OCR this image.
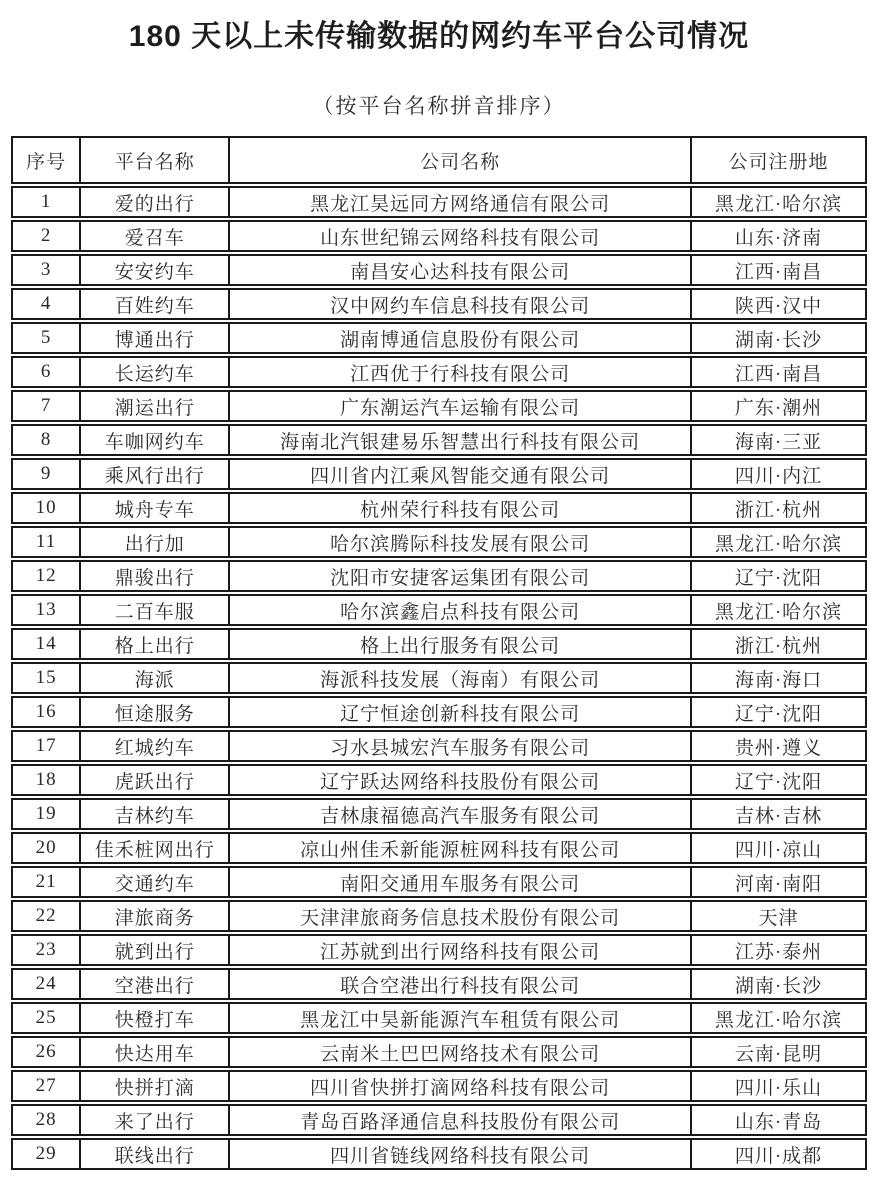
180 天以上未传输数据的网约车平台公司情况
（按平台名称拼音排序）
序号	平台名称	公司名称	公司注册地
1	爱的出行	黑龙江昊远同方网络通信有限公司	黑龙江·哈尔滨
2	爱召车	山东世纪锦云网络科技有限公司	山东·济南
3	安安约车	南昌安心达科技有限公司	江西·南昌
4	百姓约车	汉中网约车信息科技有限公司	陕西·汉中
5	博通出行	湖南博通信息股份有限公司	湖南·长沙
6	长运约车	江西优于行科技有限公司	江西·南昌
7	潮运出行	广东潮运汽车运输有限公司	广东·潮州
8	车咖网约车	海南北汽银建易乐智慧出行科技有限公司	海南·三亚
9	乘风行出行	四川省内江乘风智能交通有限公司	四川·内江
10	城舟专车	杭州荣行科技有限公司	浙江·杭州
11	出行加	哈尔滨腾际科技发展有限公司	黑龙江·哈尔滨
12	鼎骏出行	沈阳市安捷客运集团有限公司	辽宁·沈阳
13	二百车服	哈尔滨鑫启点科技有限公司	黑龙江·哈尔滨
14	格上出行	格上出行服务有限公司	浙江·杭州
15	海派	海派科技发展（海南）有限公司	海南·海口
16	恒途服务	辽宁恒途创新科技有限公司	辽宁·沈阳
17	红城约车	习水县城宏汽车服务有限公司	贵州·遵义
18	虎跃出行	辽宁跃达网络科技股份有限公司	辽宁·沈阳
19	吉林约车	吉林康福德高汽车服务有限公司	吉林·吉林
20	佳禾桩网出行	凉山州佳禾新能源桩网科技有限公司	四川·凉山
21	交通约车	南阳交通用车服务有限公司	河南·南阳
22	津旅商务	天津津旅商务信息技术股份有限公司	天津
23	就到出行	江苏就到出行网络科技有限公司	江苏·泰州
24	空港出行	联合空港出行科技有限公司	湖南·长沙
25	快橙打车	黑龙江中昊新能源汽车租赁有限公司	黑龙江·哈尔滨
26	快达用车	云南米土巴巴网络技术有限公司	云南·昆明
27	快拼打滴	四川省快拼打滴网络科技有限公司	四川·乐山
28	来了出行	青岛百路泽通信息科技股份有限公司	山东·青岛
29	联线出行	四川省链线网络科技有限公司	四川·成都
